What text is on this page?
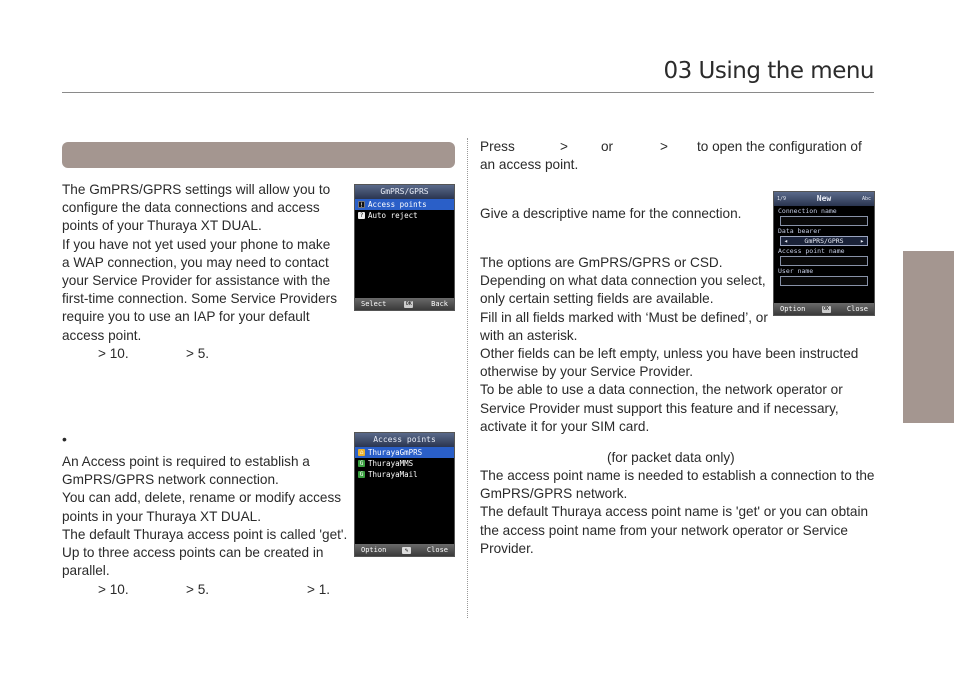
03 Using the menu

The GmPRS/GPRS settings will allow you to

configure the data connections and access

points of your Thuraya XT DUAL.

If you have not yet used your phone to make

a WAP connection, you may need to contact

your Service Provider for assistance with the

first-time connection. Some Service Providers

require you to use an IAP for your default

access point.

> 10.	> 5.
•

An Access point is required to establish a

GmPRS/GPRS network connection.

You can add, delete, rename or modify access

points in your Thuraya XT DUAL.

The default Thuraya access point is called 'get'.

Up to three access points can be created in

parallel.

> 10.	> 5.	> 1.
GmPRS/GPRS
! Access points
? Auto reject
Select	OK	Back
Access points
⌂ ThurayaGmPRS
G ThurayaMMS
G ThurayaMail
Option	✎	Close
Press	> or	> to open the configuration of
an access point.
Give a descriptive name for the connection.

The options are GmPRS/GPRS or CSD.

Depending on what data connection you select,

only certain setting fields are available.

Fill in all fields marked with ‘Must be defined’, or

with an asterisk.

Other fields can be left empty, unless you have been instructed

otherwise by your Service Provider.

To be able to use a data connection, the network operator or

Service Provider must support this feature and if necessary,

activate it for your SIM card.

(for packet data only)

The access point name is needed to establish a connection to the

GmPRS/GPRS network.

The default Thuraya access point name is 'get' or you can obtain

the access point name from your network operator or Service

Provider.

1/9	New	Abc
Connection name
Data bearer
◂	GmPRS/GPRS	▸
Access point name
User name
Option	OK	Close
